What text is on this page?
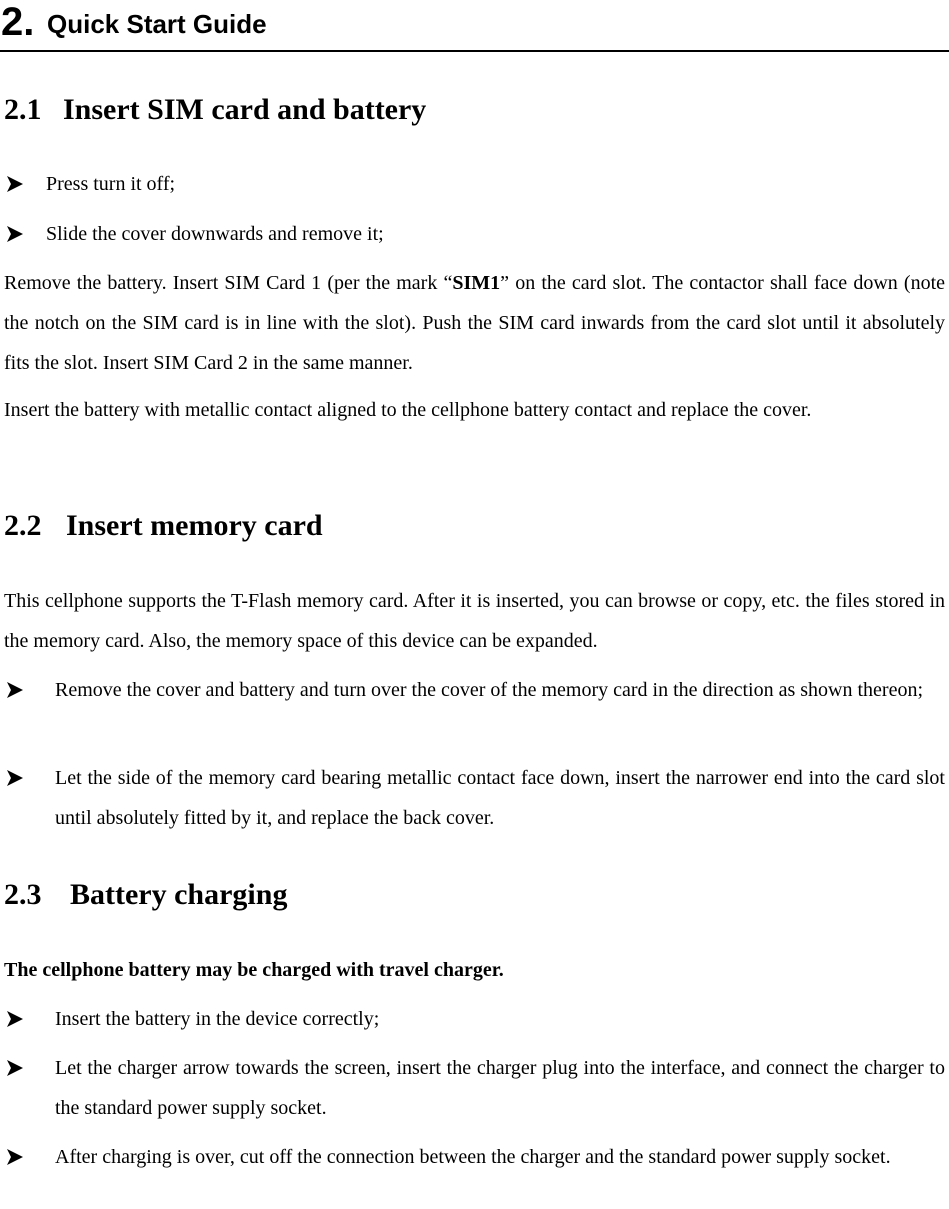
2. Quick Start Guide
2.1 Insert SIM card and battery
Press turn it off;
Slide the cover downwards and remove it;
Remove the battery. Insert SIM Card 1 (per the mark “SIM1” on the card slot. The contactor shall face down (note the notch on the SIM card is in line with the slot). Push the SIM card inwards from the card slot until it absolutely fits the slot. Insert SIM Card 2 in the same manner.
Insert the battery with metallic contact aligned to the cellphone battery contact and replace the cover.
2.2 Insert memory card
This cellphone supports the T-Flash memory card. After it is inserted, you can browse or copy, etc. the files stored in the memory card. Also, the memory space of this device can be expanded.
Remove the cover and battery and turn over the cover of the memory card in the direction as shown thereon;
Let the side of the memory card bearing metallic contact face down, insert the narrower end into the card slot until absolutely fitted by it, and replace the back cover.
2.3 Battery charging
The cellphone battery may be charged with travel charger.
Insert the battery in the device correctly;
Let the charger arrow towards the screen, insert the charger plug into the interface, and connect the charger to the standard power supply socket.
After charging is over, cut off the connection between the charger and the standard power supply socket.
